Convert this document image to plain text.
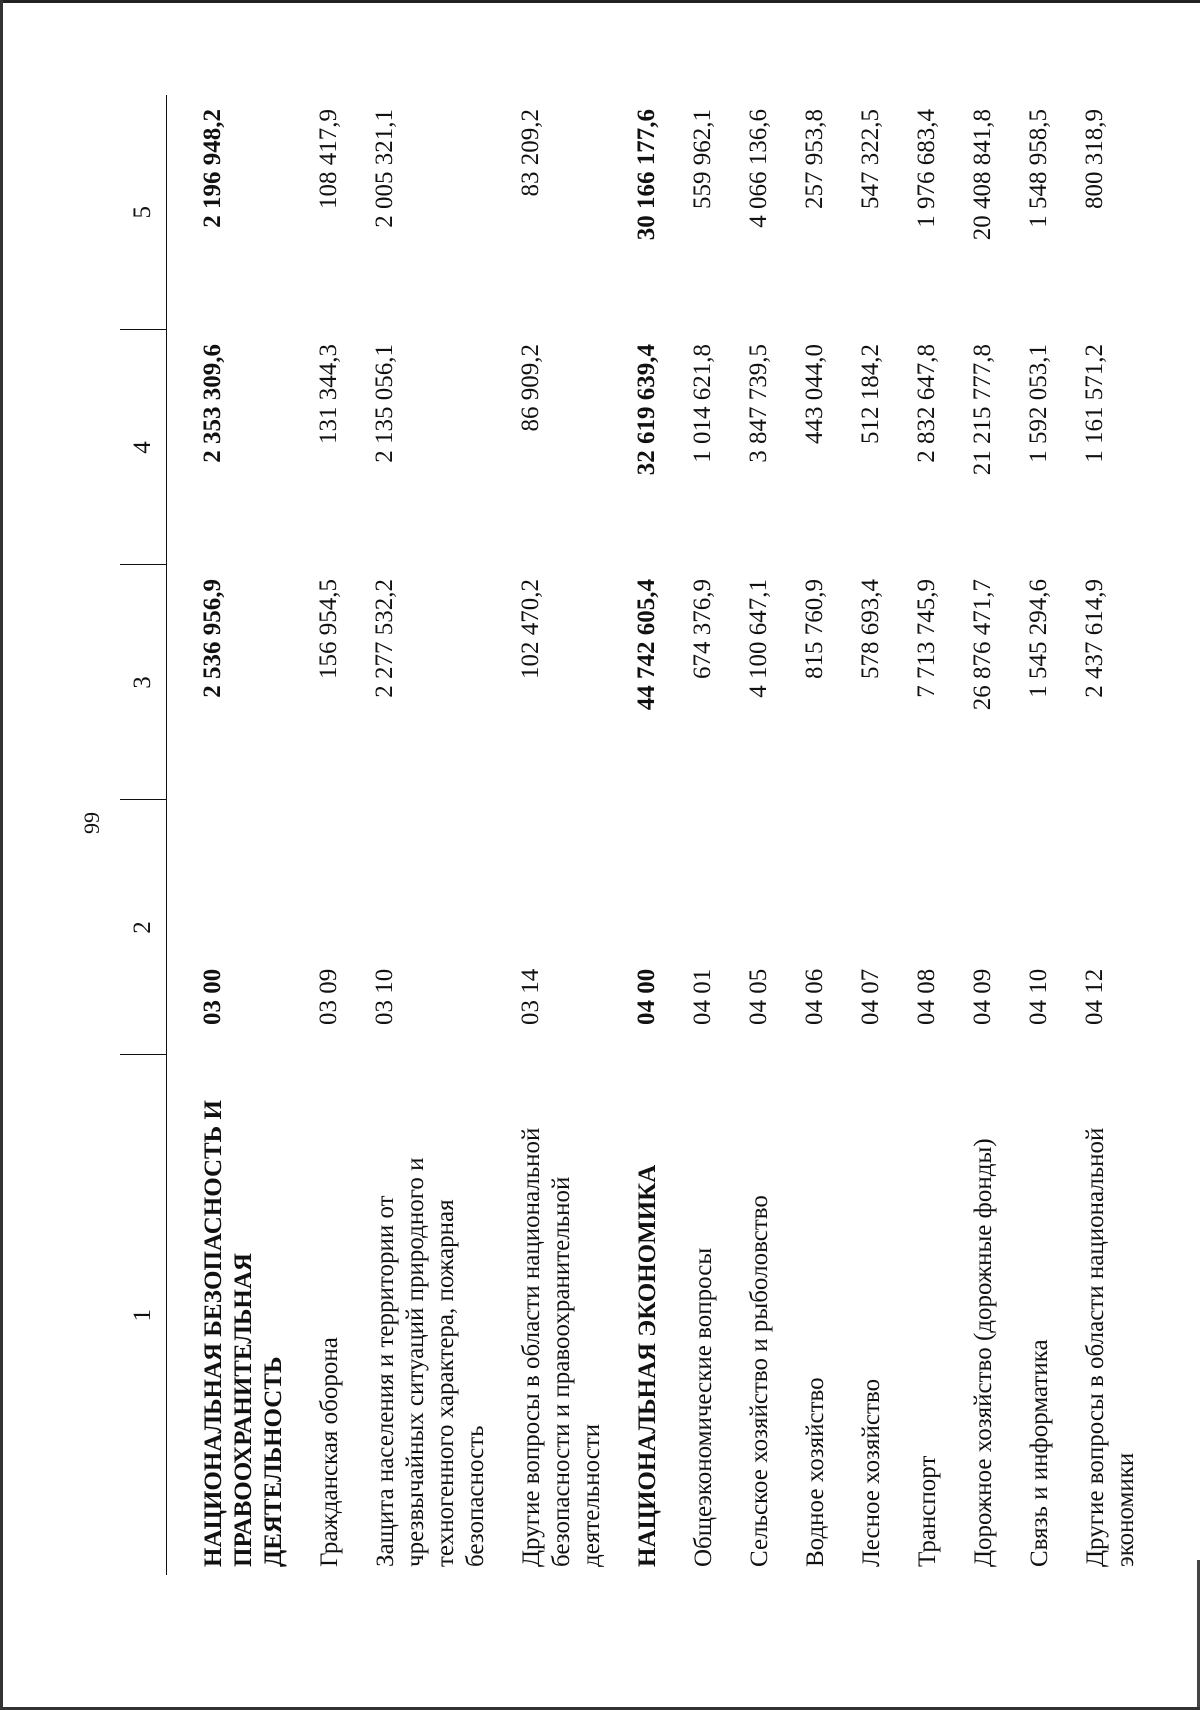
99
1	2	3	4	5
НАЦИОНАЛЬНАЯ БЕЗОПАСНОСТЬ И ПРАВООХРАНИТЕЛЬНАЯ ДЕЯТЕЛЬНОСТЬ	03 00	2 536 956,9	2 353 309,6	2 196 948,2
Гражданская оборона	03 09	156 954,5	131 344,3	108 417,9
Защита населения и территории от чрезвычайных ситуаций природного и техногенного характера, пожарная безопасность	03 10	2 277 532,2	2 135 056,1	2 005 321,1
Другие вопросы в области национальной безопасности и правоохранительной деятельности	03 14	102 470,2	86 909,2	83 209,2
НАЦИОНАЛЬНАЯ ЭКОНОМИКА	04 00	44 742 605,4	32 619 639,4	30 166 177,6
Общеэкономические вопросы	04 01	674 376,9	1 014 621,8	559 962,1
Сельское хозяйство и рыболовство	04 05	4 100 647,1	3 847 739,5	4 066 136,6
Водное хозяйство	04 06	815 760,9	443 044,0	257 953,8
Лесное хозяйство	04 07	578 693,4	512 184,2	547 322,5
Транспорт	04 08	7 713 745,9	2 832 647,8	1 976 683,4
Дорожное хозяйство (дорожные фонды)	04 09	26 876 471,7	21 215 777,8	20 408 841,8
Связь и информатика	04 10	1 545 294,6	1 592 053,1	1 548 958,5
Другие вопросы в области национальной экономики	04 12	2 437 614,9	1 161 571,2	800 318,9
